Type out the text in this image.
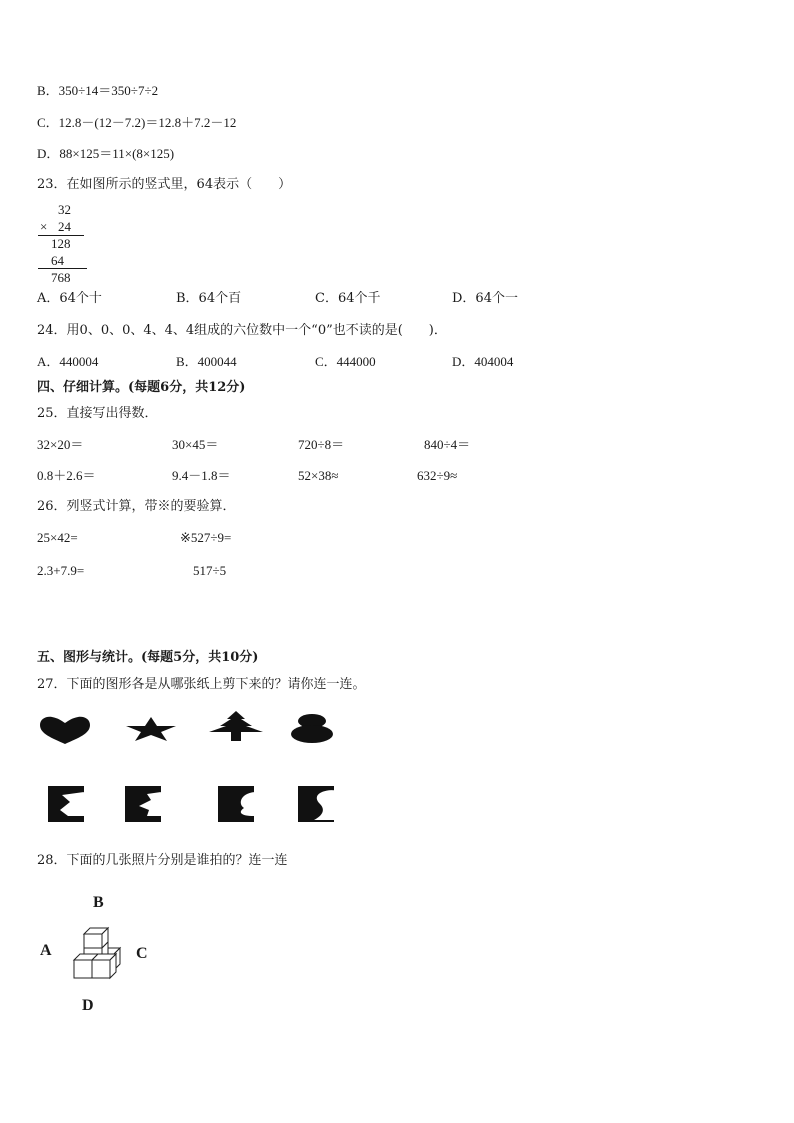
B．350÷14＝350÷7÷2
C．12.8－(12－7.2)＝12.8＋7.2－12
D．88×125＝11×(8×125)
23．在如图所示的竖式里，64表示（　　）
32
× 24
128
64
768
A．64个十	B．64个百	C．64个千	D．64个一
24．用0、0、0、4、4、4组成的六位数中一个“0”也不读的是(　　)．
A．440004	B．400044	C．444000	D．404004
四、仔细计算。(每题6分，共12分)
25．直接写出得数．
32×20＝	30×45＝	720÷8＝	840÷4＝
0.8＋2.6＝	9.4－1.8＝	52×38≈	632÷9≈
26．列竖式计算，带※的要验算．
25×42=	※527÷9=
2.3+7.9=	517÷5
五、图形与统计。(每题5分，共10分)
27．下面的图形各是从哪张纸上剪下来的？请你连一连。
28．下面的几张照片分别是谁拍的？连一连
B
A	C
D
